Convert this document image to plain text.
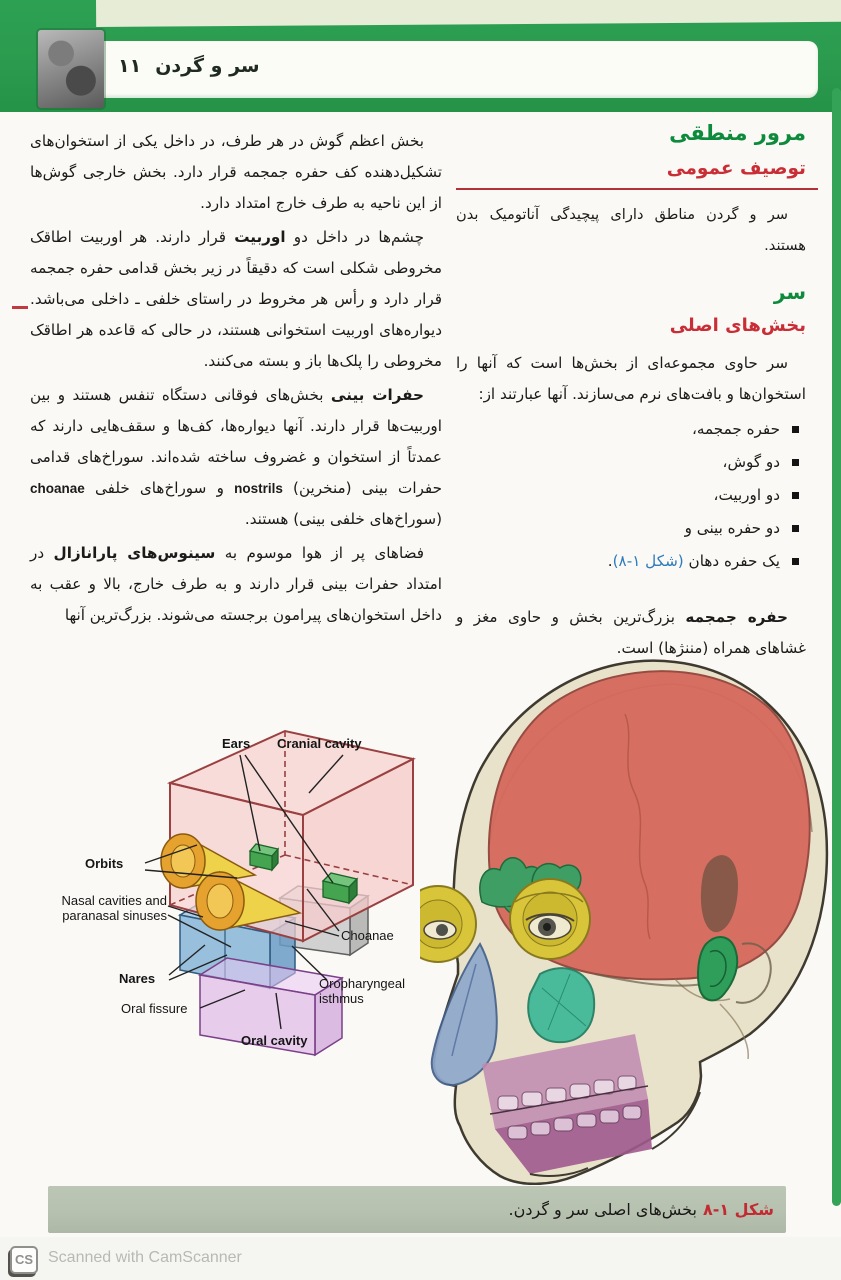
سر و گردن۱۱
مرور منطقی
توصیف عمومی

سر و گردن مناطق دارای پیچیدگی آناتومیک بدن هستند.

سر
بخش‌های اصلی

سر حاوی مجموعه‌ای از بخش‌ها است که آنها را استخوان‌ها و بافت‌های نرم می‌سازند. آنها عبارتند از:

حفره جمجمه،
دو گوش،
دو اوربیت،
دو حفره بینی و
یک حفره دهان (شکل ۱-۸).

حفره جمجمه بزرگ‌ترین بخش و حاوی مغز و غشاهای همراه (مننژها) است.

بخش اعظم گوش در هر طرف، در داخل یکی از استخوان‌های تشکیل‌دهنده کف حفره جمجمه قرار دارد. بخش خارجی گوش‌ها از این ناحیه به طرف خارج امتداد دارد.

چشم‌ها در داخل دو اوربیت قرار دارند. هر اوربیت اطاقک مخروطی شکلی است که دقیقاً در زیر بخش قدامی حفره جمجمه قرار دارد و رأس هر مخروط در راستای خلفی ـ داخلی می‌باشد. دیواره‌های اوربیت استخوانی هستند، در حالی که قاعده هر اطاقک مخروطی را پلک‌ها باز و بسته می‌کنند.

حفرات بینی بخش‌های فوقانی دستگاه تنفس هستند و بین اوربیت‌ها قرار دارند. آنها دیواره‌ها، کف‌ها و سقف‌هایی دارند که عمدتاً از استخوان و غضروف ساخته شده‌اند. سوراخ‌های قدامی حفرات بینی (منخرین) nostrils و سوراخ‌های خلفی choanae (سوراخ‌های خلفی بینی) هستند.

فضاهای پر از هوا موسوم به سینوس‌های پارانازال در امتداد حفرات بینی قرار دارند و به طرف خارج، بالا و عقب به داخل استخوان‌های پیرامون برجسته می‌شوند. بزرگ‌ترین آنها

Ears Cranial cavity
Orbits
Nasal cavities and paranasal sinuses
Choanae
Nares
Oral fissure
Oropharyngeal isthmus
Oral cavity
شکل ۱-۸بخش‌های اصلی سر و گردن.
CS Scanned with CamScanner
